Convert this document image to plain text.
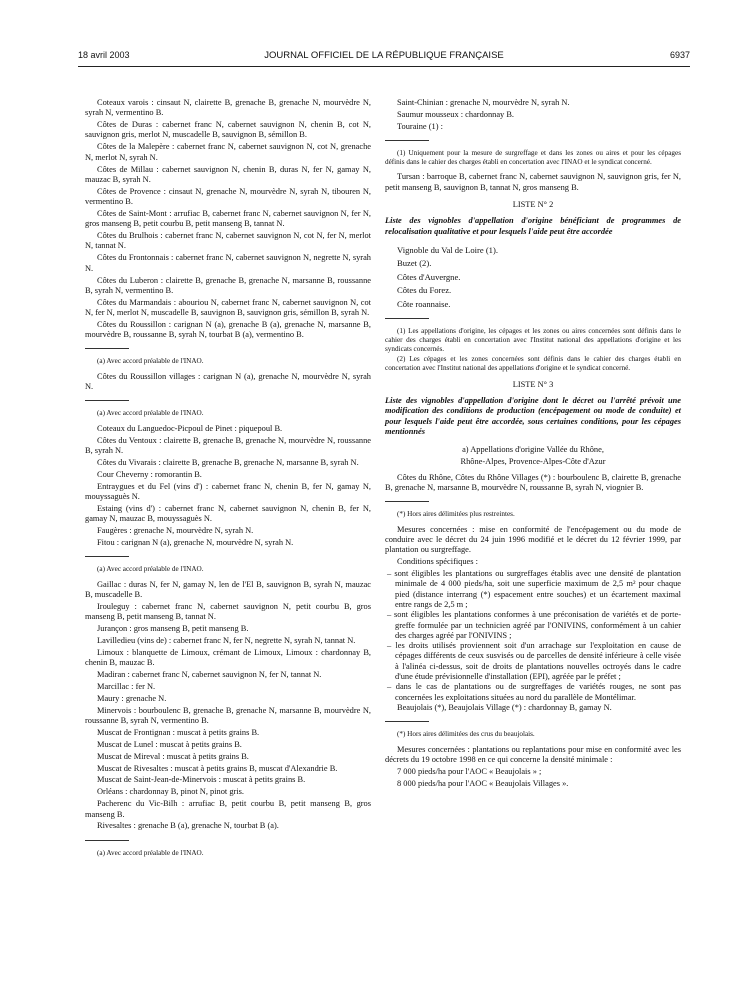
18 avril 2003	JOURNAL OFFICIEL DE LA RÉPUBLIQUE FRANÇAISE	6937

Coteaux varois : cinsaut N, clairette B, grenache B, grenache N, mourvèdre N, syrah N, vermentino B.

Côtes de Duras : cabernet franc N, cabernet sauvignon N, chenin B, cot N, sauvignon gris, merlot N, muscadelle B, sauvignon B, sémillon B.

Côtes de la Malepère : cabernet franc N, cabernet sauvignon N, cot N, grenache N, merlot N, syrah N.

Côtes de Millau : cabernet sauvignon N, chenin B, duras N, fer N, gamay N, mauzac B, syrah N.

Côtes de Provence : cinsaut N, grenache N, mourvèdre N, syrah N, tibouren N, vermentino B.

Côtes de Saint-Mont : arrufiac B, cabernet franc N, cabernet sauvignon N, fer N, gros manseng B, petit courbu B, petit manseng B, tannat N.

Côtes du Brulhois : cabernet franc N, cabernet sauvignon N, cot N, fer N, merlot N, tannat N.

Côtes du Frontonnais : cabernet franc N, cabernet sauvignon N, negrette N, syrah N.

Côtes du Luberon : clairette B, grenache B, grenache N, marsanne B, roussanne B, syrah N, vermentino B.

Côtes du Marmandais : abouriou N, cabernet franc N, cabernet sauvignon N, cot N, fer N, merlot N, muscadelle B, sauvignon B, sauvignon gris, sémillon B, syrah N.

Côtes du Roussillon : carignan N (a), grenache B (a), grenache N, marsanne B, mourvèdre B, roussanne B, syrah N, tourbat B (a), vermentino B.

(a) Avec accord préalable de l'INAO.

Côtes du Roussillon villages : carignan N (a), grenache N, mourvèdre N, syrah N.

(a) Avec accord préalable de l'INAO.

Coteaux du Languedoc-Picpoul de Pinet : piquepoul B.

Côtes du Ventoux : clairette B, grenache B, grenache N, mourvèdre N, roussanne B, syrah N.

Côtes du Vivarais : clairette B, grenache B, grenache N, marsanne B, syrah N.

Cour Cheverny : romorantin B.

Entraygues et du Fel (vins d') : cabernet franc N, chenin B, fer N, gamay N, mouyssaguès N.

Estaing (vins d') : cabernet franc N, cabernet sauvignon N, chenin B, fer N, gamay N, mauzac B, mouyssaguès N.

Faugères : grenache N, mourvèdre N, syrah N.

Fitou : carignan N (a), grenache N, mourvèdre N, syrah N.

(a) Avec accord préalable de l'INAO.

Gaillac : duras N, fer N, gamay N, len de l'El B, sauvignon B, syrah N, mauzac B, muscadelle B.

Irouleguy : cabernet franc N, cabernet sauvignon N, petit courbu B, gros manseng B, petit manseng B, tannat N.

Jurançon : gros manseng B, petit manseng B.

Lavilledieu (vins de) : cabernet franc N, fer N, negrette N, syrah N, tannat N.

Limoux : blanquette de Limoux, crémant de Limoux, Limoux : chardonnay B, chenin B, mauzac B.

Madiran : cabernet franc N, cabernet sauvignon N, fer N, tannat N.

Marcillac : fer N.

Maury : grenache N.

Minervois : bourboulenc B, grenache B, grenache N, marsanne B, mourvèdre N, roussanne B, syrah N, vermentino B.

Muscat de Frontignan : muscat à petits grains B.

Muscat de Lunel : muscat à petits grains B.

Muscat de Mireval : muscat à petits grains B.

Muscat de Rivesaltes : muscat à petits grains B, muscat d'Alexandrie B.

Muscat de Saint-Jean-de-Minervois : muscat à petits grains B.

Orléans : chardonnay B, pinot N, pinot gris.

Pacherenc du Vic-Bilh : arrufiac B, petit courbu B, petit manseng B, gros manseng B.

Rivesaltes : grenache B (a), grenache N, tourbat B (a).

(a) Avec accord préalable de l'INAO.

Saint-Chinian : grenache N, mourvèdre N, syrah N.

Saumur mousseux : chardonnay B.

Touraine (1) :

(1) Uniquement pour la mesure de surgreffage et dans les zones ou aires et pour les cépages définis dans le cahier des charges établi en concertation avec l'INAO et le syndicat concerné.

Tursan : barroque B, cabernet franc N, cabernet sauvignon N, sauvignon gris, fer N, petit manseng B, sauvignon B, tannat N, gros manseng B.

LISTE N° 2

Liste des vignobles d'appellation d'origine bénéficiant de programmes de relocalisation qualitative et pour lesquels l'aide peut être accordée

Vignoble du Val de Loire (1).

Buzet (2).

Côtes d'Auvergne.

Côtes du Forez.

Côte roannaise.

(1) Les appellations d'origine, les cépages et les zones ou aires concernées sont définis dans le cahier des charges établi en concertation avec l'Institut national des appellations d'origine et les syndicats concernés.

(2) Les cépages et les zones concernées sont définis dans le cahier des charges établi en concertation avec l'Institut national des appellations d'origine et le syndicat concerné.

LISTE N° 3

Liste des vignobles d'appellation d'origine dont le décret ou l'arrêté prévoit une modification des conditions de production (encépagement ou mode de conduite) et pour lesquels l'aide peut être accordée, sous certaines conditions, pour les cépages mentionnés

a) Appellations d'origine Vallée du Rhône,

Rhône-Alpes, Provence-Alpes-Côte d'Azur

Côtes du Rhône, Côtes du Rhône Villages (*) : bourboulenc B, clairette B, grenache B, grenache N, marsanne B, mourvèdre N, roussanne B, syrah N, viognier B.

(*) Hors aires délimitées plus restreintes.

Mesures concernées : mise en conformité de l'encépagement ou du mode de conduire avec le décret du 24 juin 1996 modifié et le décret du 12 février 1999, par plantation ou surgreffage.

Conditions spécifiques :

– sont éligibles les plantations ou surgreffages établis avec une densité de plantation minimale de 4 000 pieds/ha, soit une superficie maximum de 2,5 m² pour chaque pied (distance interrang (*) espacement entre souches) et un écartement maximal entre rangs de 2,5 m ;
– sont éligibles les plantations conformes à une préconisation de variétés et de porte-greffe formulée par un technicien agréé par l'ONIVINS, conformément à un cahier des charges agréé par l'ONIVINS ;
– les droits utilisés proviennent soit d'un arrachage sur l'exploitation en cause de cépages différents de ceux susvisés ou de parcelles de densité inférieure à celle visée à l'alinéa ci-dessus, soit de droits de plantations nouvelles octroyés dans le cadre d'une étude prévisionnelle d'installation (EPI), agréée par le préfet ;
– dans le cas de plantations ou de surgreffages de variétés rouges, ne sont pas concernées les exploitations situées au nord du parallèle de Montélimar.

Beaujolais (*), Beaujolais Village (*) : chardonnay B, gamay N.

(*) Hors aires délimitées des crus du beaujolais.

Mesures concernées : plantations ou replantations pour mise en conformité avec les décrets du 19 octobre 1998 en ce qui concerne la densité minimale :

7 000 pieds/ha pour l'AOC « Beaujolais » ;

8 000 pieds/ha pour l'AOC « Beaujolais Villages ».
